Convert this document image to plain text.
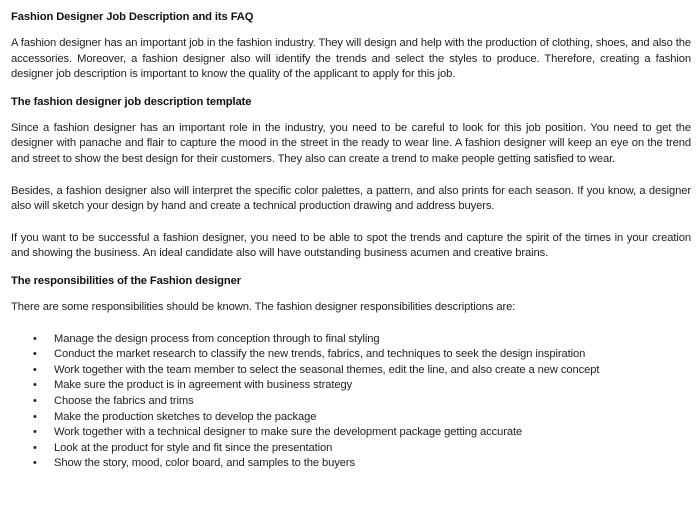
Fashion Designer Job Description and its FAQ

A fashion designer has an important job in the fashion industry. They will design and help with the production of clothing, shoes, and also the accessories. Moreover, a fashion designer also will identify the trends and select the styles to produce. Therefore, creating a fashion designer job description is important to know the quality of the applicant to apply for this job.

The fashion designer job description template

Since a fashion designer has an important role in the industry, you need to be careful to look for this job position. You need to get the designer with panache and flair to capture the mood in the street in the ready to wear line. A fashion designer will keep an eye on the trend and street to show the best design for their customers. They also can create a trend to make people getting satisfied to wear.

Besides, a fashion designer also will interpret the specific color palettes, a pattern, and also prints for each season. If you know, a designer also will sketch your design by hand and create a technical production drawing and address buyers.

If you want to be successful a fashion designer, you need to be able to spot the trends and capture the spirit of the times in your creation and showing the business. An ideal candidate also will have outstanding business acumen and creative brains.

The responsibilities of the Fashion designer

There are some responsibilities should be known. The fashion designer responsibilities descriptions are:

• Manage the design process from conception through to final styling
• Conduct the market research to classify the new trends, fabrics, and techniques to seek the design inspiration
• Work together with the team member to select the seasonal themes, edit the line, and also create a new concept
• Make sure the product is in agreement with business strategy
• Choose the fabrics and trims
• Make the production sketches to develop the package
• Work together with a technical designer to make sure the development package getting accurate
• Look at the product for style and fit since the presentation
• Show the story, mood, color board, and samples to the buyers
